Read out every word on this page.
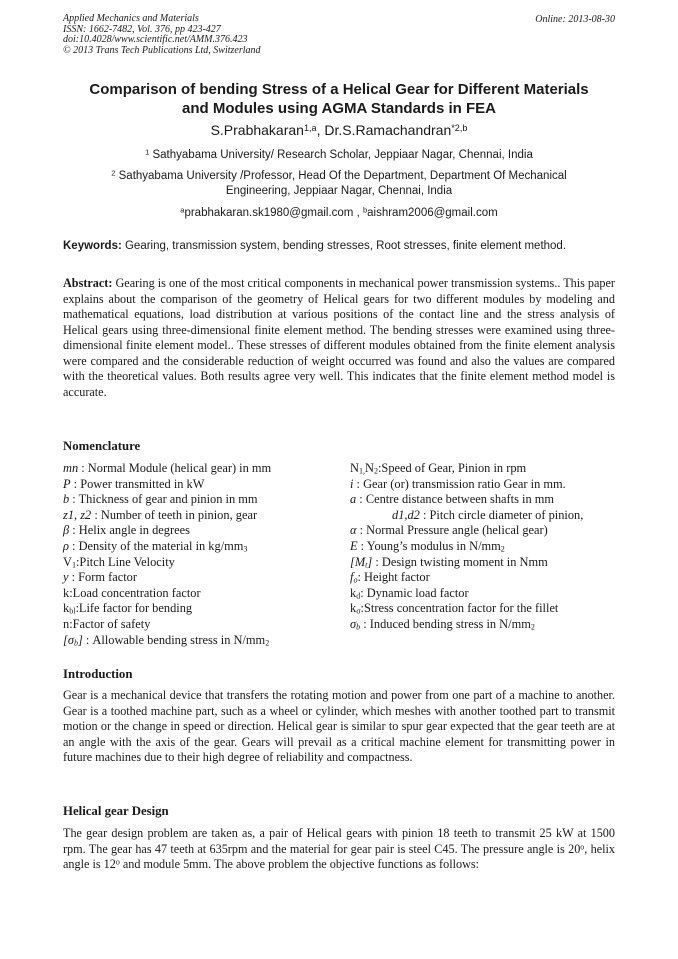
Applied Mechanics and Materials
ISSN: 1662-7482, Vol. 376, pp 423-427
doi:10.4028/www.scientific.net/AMM.376.423
© 2013 Trans Tech Publications Ltd, Switzerland
Online: 2013-08-30
Comparison of bending Stress of a Helical Gear for Different Materials
and Modules using AGMA Standards in FEA
S.Prabhakaran$^{1,a}$, Dr.S.Ramachandran$^{*2,b}$
$^1$ Sathyabama University/ Research Scholar, Jeppiaar Nagar, Chennai, India
$^2$ Sathyabama University /Professor, Head Of the Department, Department Of Mechanical
Engineering, Jeppiaar Nagar, Chennai, India
$^a$prabhakaran.sk1980@gmail.com , $^b$aishram2006@gmail.com
Keywords: Gearing, transmission system, bending stresses, Root stresses, finite element method.
Abstract: Gearing is one of the most critical components in mechanical power transmission systems.. This paper explains about the comparison of the geometry of Helical gears for two different modules by modeling and mathematical equations, load distribution at various positions of the contact line and the stress analysis of Helical gears using three-dimensional finite element method. The bending stresses were examined using three-dimensional finite element model.. These stresses of different modules obtained from the finite element analysis were compared and the considerable reduction of weight occurred was found and also the values are compared with the theoretical values. Both results agree very well. This indicates that the finite element method model is accurate.
Nomenclature
mn : Normal Module (helical gear) in mm
P : Power transmitted in kW
b : Thickness of gear and pinion in mm
z1, z2 : Number of teeth in pinion, gear
β : Helix angle in degrees
ρ : Density of the material in $kg/mm_3$
$V_1:Pitch$ Line Velocity
y : Form factor
k:Load concentration factor
$k_{bl}:Life$ factor for bending
n:Factor of safety
$[\sigma_b]$ : Allowable bending stress in $N/mm_2$
$N_{1,}N_2:Speed$ of Gear, Pinion in rpm
i : Gear (or) transmission ratio Gear in mm.
a : Centre distance between shafts in mm
d1,d2 : Pitch circle diameter of pinion,
α : Normal Pressure angle (helical gear)
E : Young’s modulus in $N/mm_2$
$[M_t]$ : Design twisting moment in Nmm
$f_o$: Height factor
$k_d$: Dynamic load factor
$k_\sigma:Stress$ concentration factor for the fillet
$\sigma_b$ : Induced bending stress in $N/mm_2$
Introduction
Gear is a mechanical device that transfers the rotating motion and power from one part of a machine to another. Gear is a toothed machine part, such as a wheel or cylinder, which meshes with another toothed part to transmit motion or the change in speed or direction. Helical gear is similar to spur gear expected that the gear teeth are at an angle with the axis of the gear. Gears will prevail as a critical machine element for transmitting power in future machines due to their high degree of reliability and compactness.
Helical gear Design
The gear design problem are taken as, a pair of Helical gears with pinion 18 teeth to transmit 25 kW at 1500 rpm. The gear has 47 teeth at 635rpm and the material for gear pair is steel C45. The pressure angle is 20$^o$, helix angle is 12$^o$ and module 5mm. The above problem the objective functions as follows:
